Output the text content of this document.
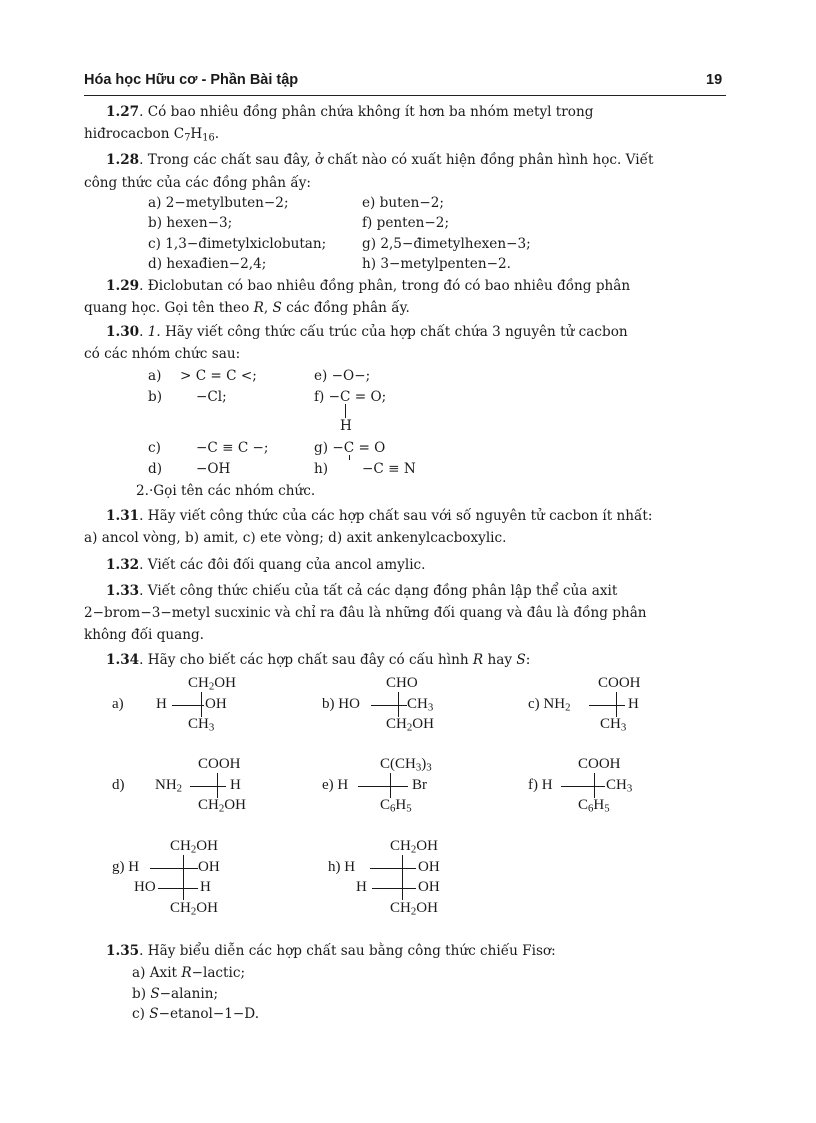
Hóa học Hữu cơ - Phần Bài tập	19
1.27. Có bao nhiêu đồng phân chứa không ít hơn ba nhóm metyl trong
hiđrocacbon $C_7H_{16}$.
1.28. Trong các chất sau đây, ở chất nào có xuất hiện đồng phân hình học. Viết
công thức của các đồng phân ấy:
a) 2−metylbuten−2;
b) hexen−3;
c) 1,3−đimetylxiclobutan;
d) hexađien−2,4;
e) buten−2;
f) penten−2;
g) 2,5−đimetylhexen−3;
h) 3−metylpenten−2.
1.29. Điclobutan có bao nhiêu đồng phân, trong đó có bao nhiêu đồng phân
quang học. Gọi tên theo R, S các đồng phân ấy.
1.30. 1. Hãy viết công thức cấu trúc của hợp chất chứa 3 nguyên tử cacbon
có các nhóm chức sau:
a) > C = C <;
b) −Cl;
c)	−C ≡ C −;
d) −OH
e) −O−;
f) −C = O;
H
g) −C = O
h) −C ≡ N
2.·Gọi tên các nhóm chức.
1.31. Hãy viết công thức của các hợp chất sau với số nguyên tử cacbon ít nhất:
a) ancol vòng, b) amit, c) ete vòng; d) axit ankenylcacboxylic.
1.32. Viết các đôi đối quang của ancol amylic.
1.33. Viết công thức chiếu của tất cả các dạng đồng phân lập thể của axit
2−brom−3−metyl sucxinic và chỉ ra đâu là những đối quang và đâu là đồng phân
không đối quang.
1.34. Hãy cho biết các hợp chất sau đây có cấu hình R hay S:
a)
$CH_2OH$
H	OH
$CH_3$
b) HO
CHO
$CH_3$
$CH_2OH$
c) $NH_2$
COOH
H
$CH_3$
d)
COOH
$NH_2$	H
$CH_2OH$
e) H
$C(CH_3)_3$
Br
$C_6H_5$
f) H
COOH
$CH_3$
$C_6H_5$
g) H
$CH_2OH$
OH
HO	H
$CH_2OH$
h) H
$CH_2OH$
OH
H	OH
$CH_2OH$
1.35. Hãy biểu diễn các hợp chất sau bằng công thức chiếu Fisơ:
a) Axit R−lactic;
b) S−alanin;
c) S−etanol−1−D.
